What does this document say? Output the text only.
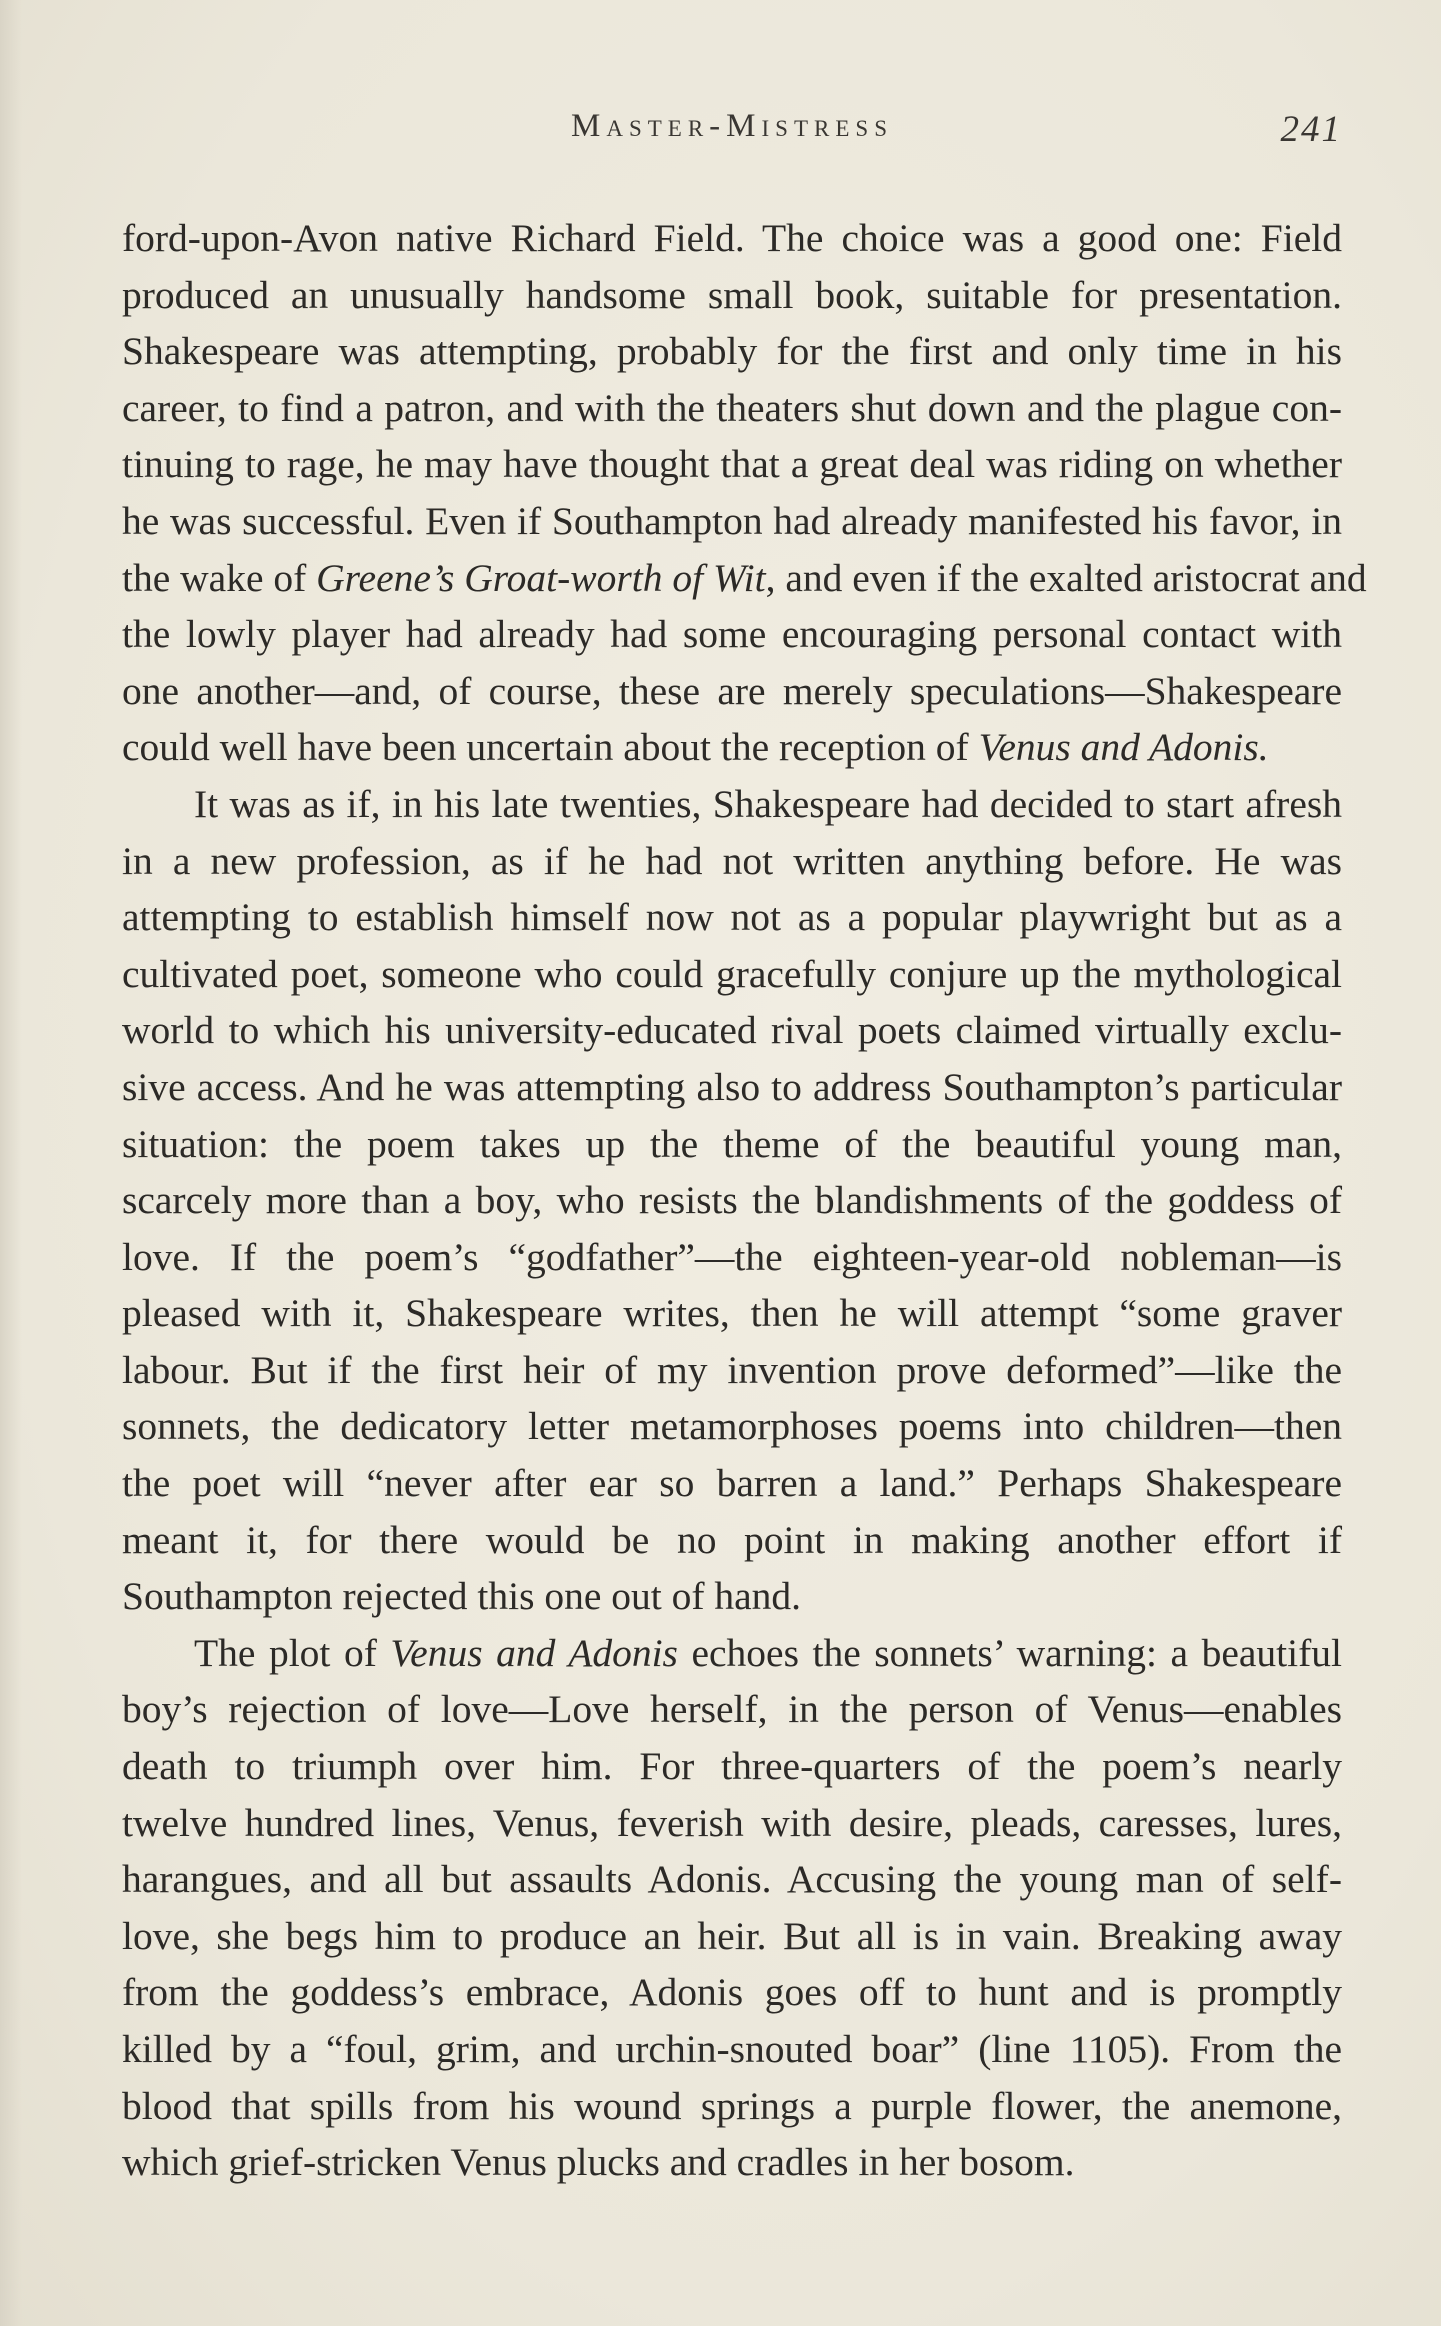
Master-Mistress	241
ford-upon-Avon native Richard Field. The choice was a good one: Field
produced an unusually handsome small book, suitable for presentation.
Shakespeare was attempting, probably for the first and only time in his
career, to find a patron, and with the theaters shut down and the plague con-
tinuing to rage, he may have thought that a great deal was riding on whether
he was successful. Even if Southampton had already manifested his favor, in
the wake of Greene’s Groat-worth of Wit, and even if the exalted aristocrat and
the lowly player had already had some encouraging personal contact with
one another—and, of course, these are merely speculations—Shakespeare
could well have been uncertain about the reception of Venus and Adonis.
It was as if, in his late twenties, Shakespeare had decided to start afresh
in a new profession, as if he had not written anything before. He was
attempting to establish himself now not as a popular playwright but as a
cultivated poet, someone who could gracefully conjure up the mythological
world to which his university-educated rival poets claimed virtually exclu-
sive access. And he was attempting also to address Southampton’s particular
situation: the poem takes up the theme of the beautiful young man,
scarcely more than a boy, who resists the blandishments of the goddess of
love. If the poem’s “godfather”—the eighteen-year-old nobleman—is
pleased with it, Shakespeare writes, then he will attempt “some graver
labour. But if the first heir of my invention prove deformed”—like the
sonnets, the dedicatory letter metamorphoses poems into children—then
the poet will “never after ear so barren a land.” Perhaps Shakespeare
meant it, for there would be no point in making another effort if
Southampton rejected this one out of hand.
The plot of Venus and Adonis echoes the sonnets’ warning: a beautiful
boy’s rejection of love—Love herself, in the person of Venus—enables
death to triumph over him. For three-quarters of the poem’s nearly
twelve hundred lines, Venus, feverish with desire, pleads, caresses, lures,
harangues, and all but assaults Adonis. Accusing the young man of self-
love, she begs him to produce an heir. But all is in vain. Breaking away
from the goddess’s embrace, Adonis goes off to hunt and is promptly
killed by a “foul, grim, and urchin-snouted boar” (line 1105). From the
blood that spills from his wound springs a purple flower, the anemone,
which grief-stricken Venus plucks and cradles in her bosom.
